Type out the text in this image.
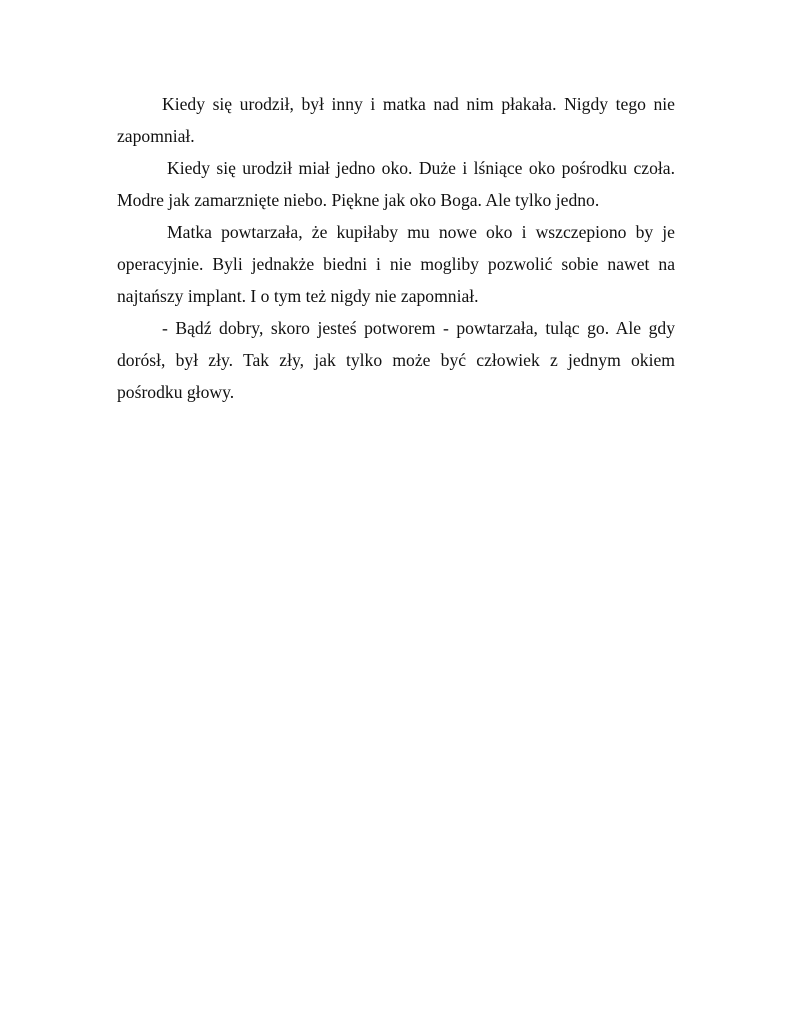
Kiedy się urodził, był inny i matka nad nim płakała. Nigdy tego nie zapomniał.

Kiedy się urodził miał jedno oko. Duże i lśniące oko pośrodku czoła. Modre jak zamarznięte niebo. Piękne jak oko Boga. Ale tylko jedno.

Matka powtarzała, że kupiłaby mu nowe oko i wszczepiono by je operacyjnie. Byli jednakże biedni i nie mogliby pozwolić sobie nawet na najtańszy implant. I o tym też nigdy nie zapomniał.

- Bądź dobry, skoro jesteś potworem - powtarzała, tuląc go. Ale gdy dorósł, był zły. Tak zły, jak tylko może być człowiek z jednym okiem pośrodku głowy.
